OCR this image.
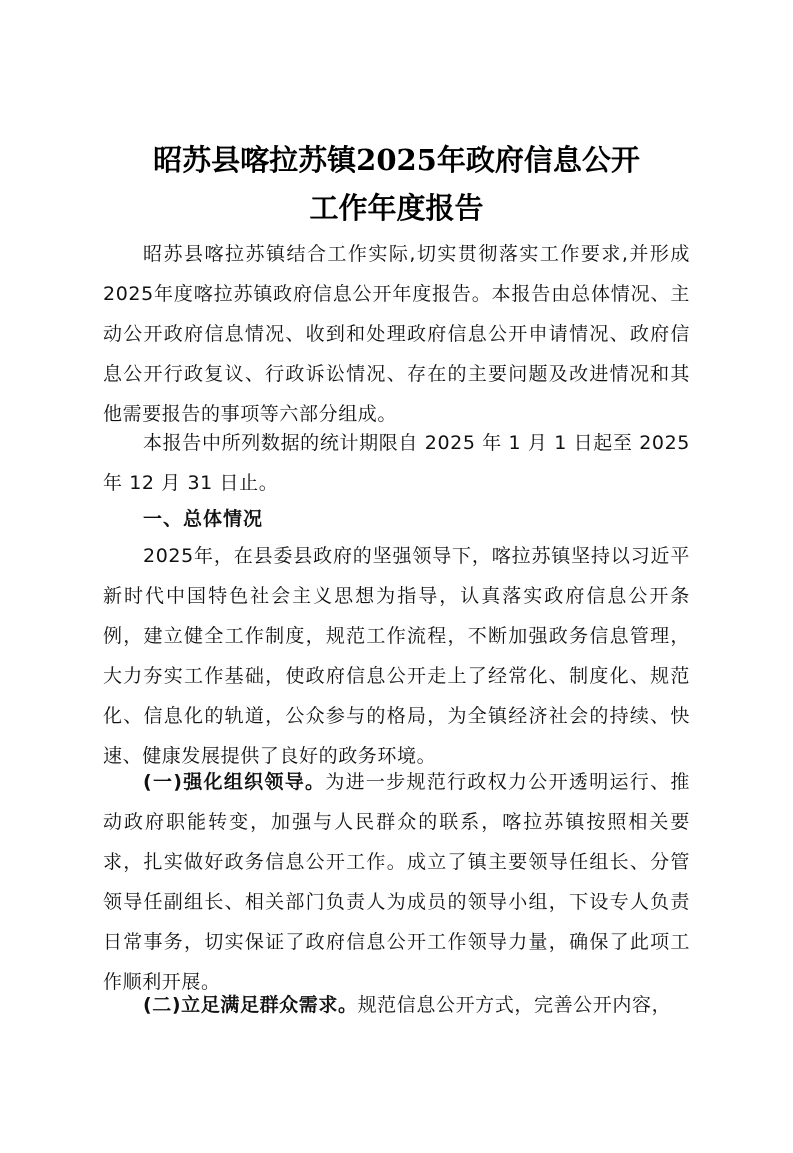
昭苏县喀拉苏镇2025年政府信息公开
工作年度报告

昭苏县喀拉苏镇结合工作实际,切实贯彻落实工作要求,并形成 2025年度喀拉苏镇政府信息公开年度报告。本报告由总体情况、主动公开政府信息情况、收到和处理政府信息公开申请情况、政府信息公开行政复议、行政诉讼情况、存在的主要问题及改进情况和其他需要报告的事项等六部分组成。

本报告中所列数据的统计期限自 2025 年 1 月 1 日起至 2025 年 12 月 31 日止。

一、总体情况

2025年，在县委县政府的坚强领导下，喀拉苏镇坚持以习近平新时代中国特色社会主义思想为指导，认真落实政府信息公开条例，建立健全工作制度，规范工作流程，不断加强政务信息管理，大力夯实工作基础，使政府信息公开走上了经常化、制度化、规范化、信息化的轨道，公众参与的格局，为全镇经济社会的持续、快速、健康发展提供了良好的政务环境。

(一)强化组织领导。为进一步规范行政权力公开透明运行、推动政府职能转变，加强与人民群众的联系，喀拉苏镇按照相关要求，扎实做好政务信息公开工作。成立了镇主要领导任组长、分管领导任副组长、相关部门负责人为成员的领导小组，下设专人负责日常事务，切实保证了政府信息公开工作领导力量，确保了此项工作顺利开展。

(二)立足满足群众需求。规范信息公开方式，完善公开内容，
